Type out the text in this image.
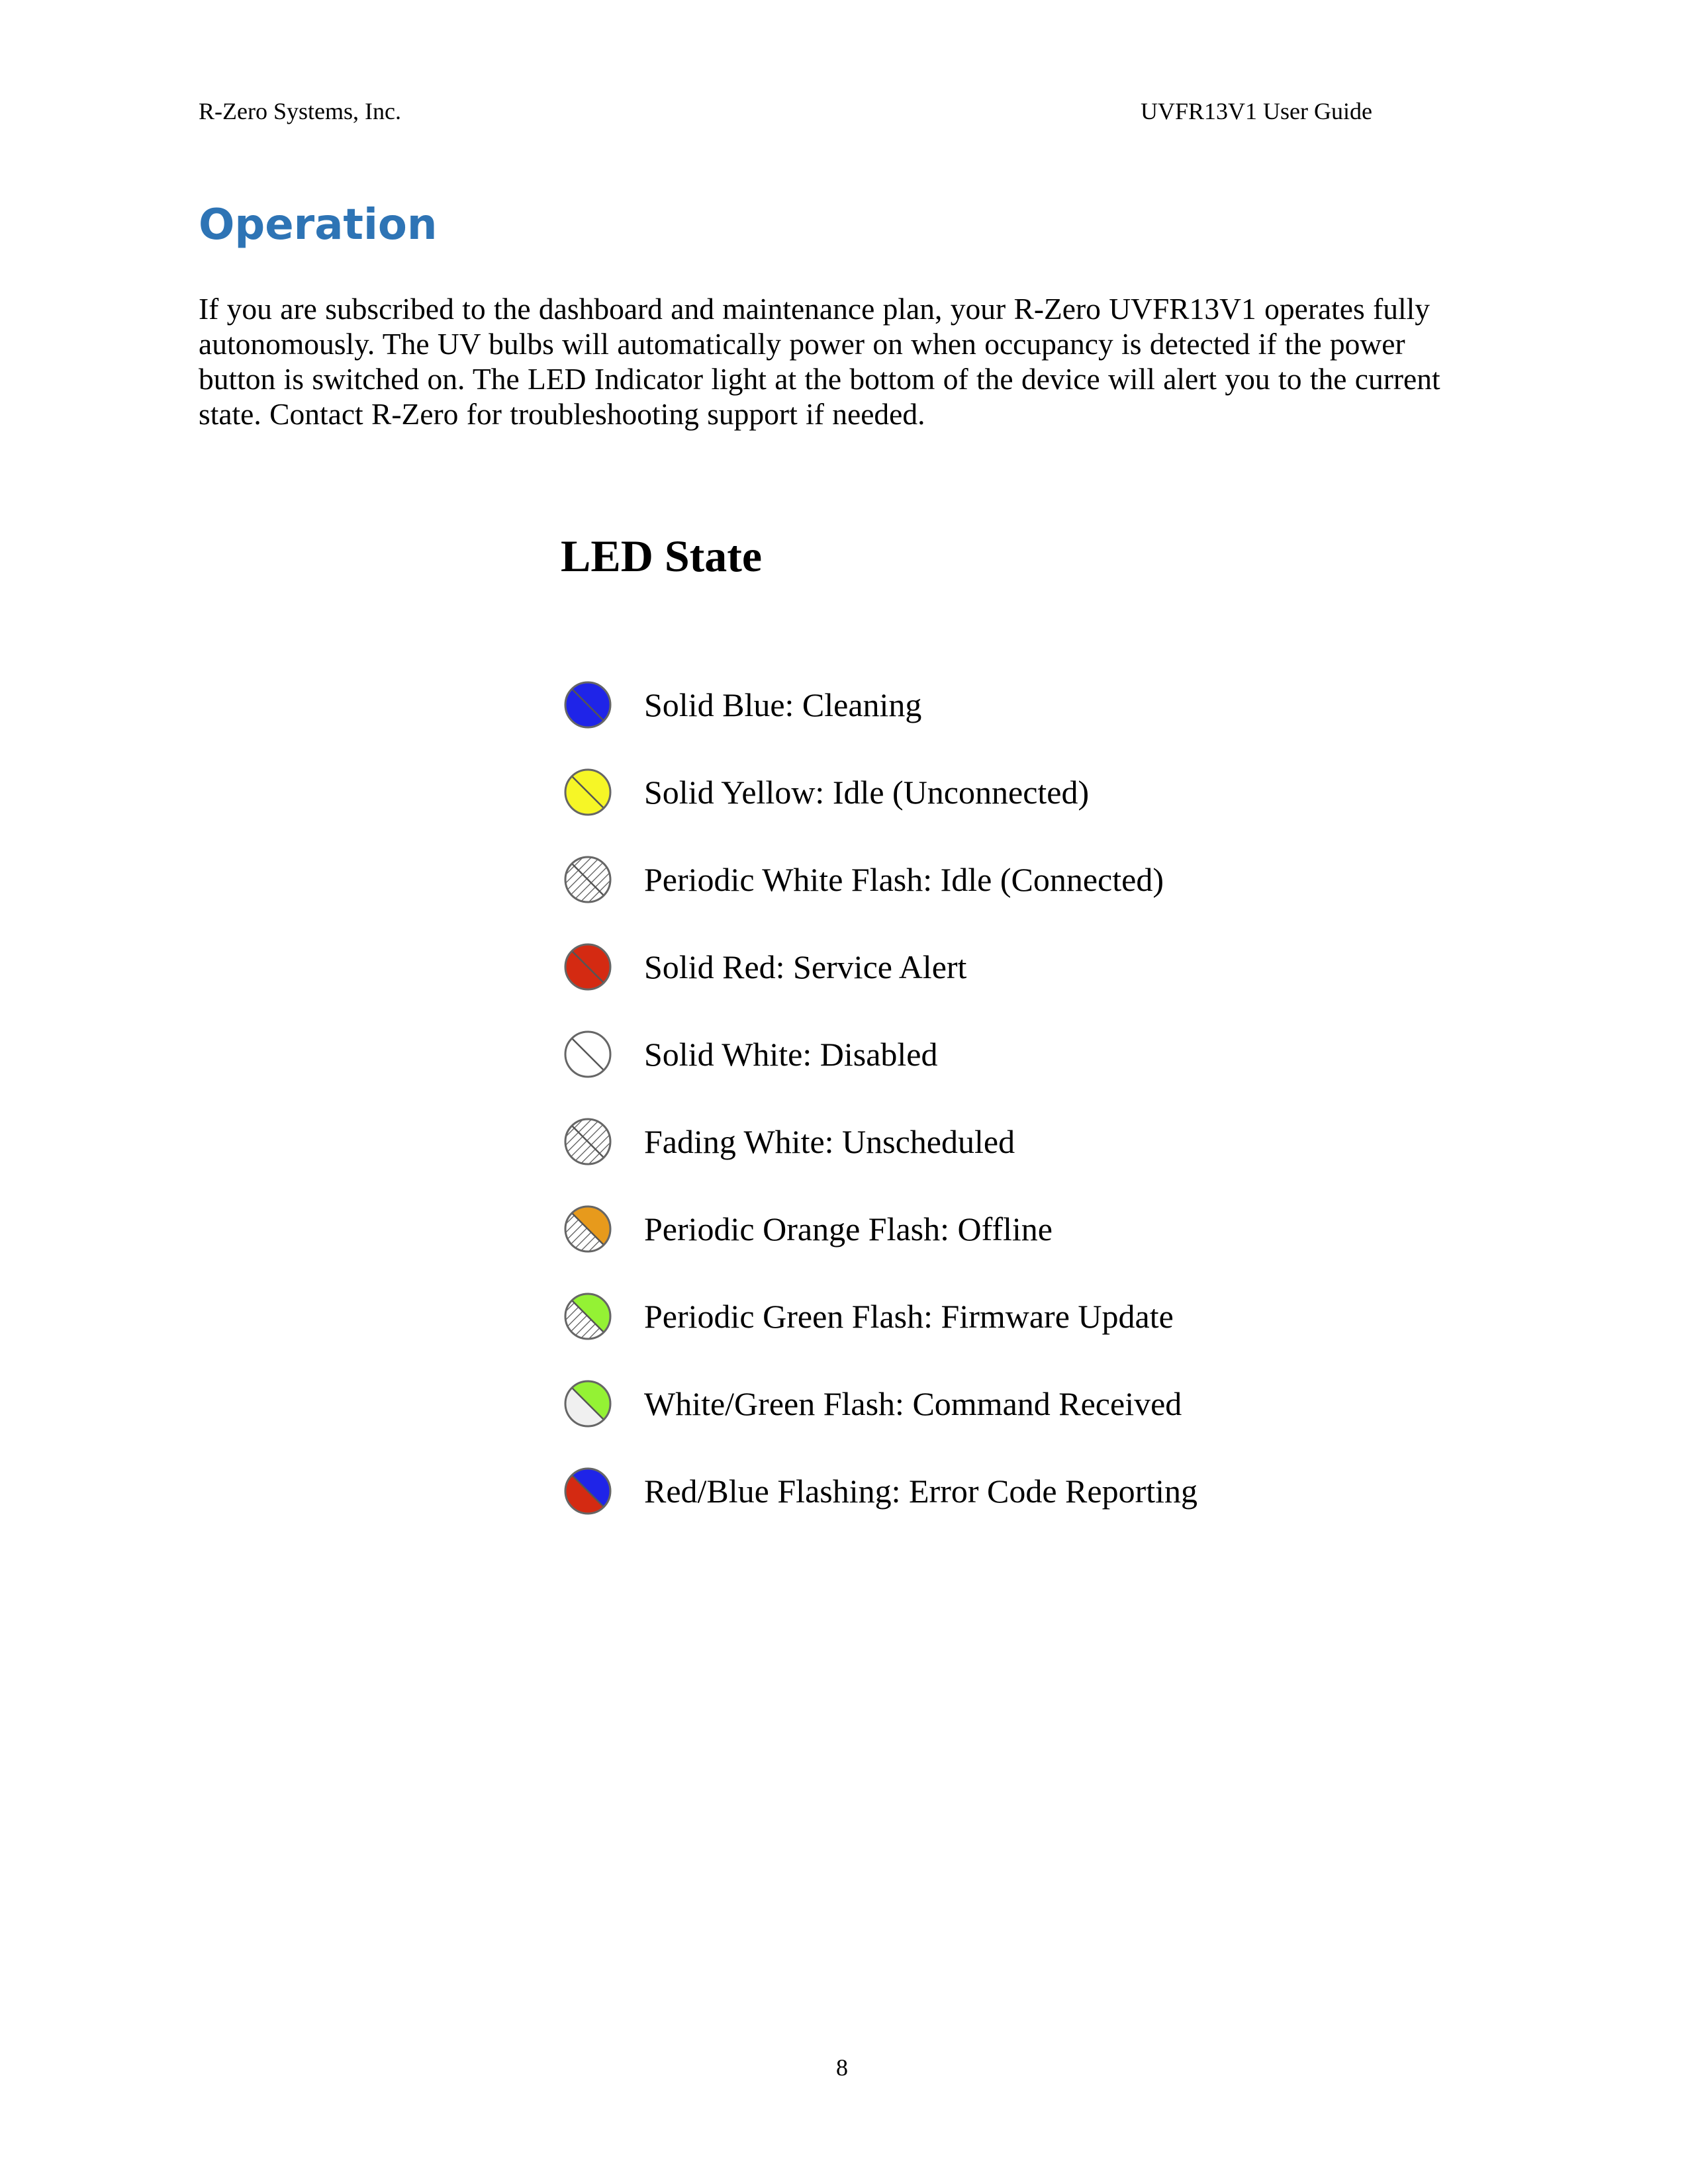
R-Zero Systems, Inc.	UVFR13V1 User Guide
Operation

If you are subscribed to the dashboard and maintenance plan, your R-Zero UVFR13V1 operates fully
autonomously. The UV bulbs will automatically power on when occupancy is detected if the power
button is switched on. The LED Indicator light at the bottom of the device will alert you to the current
state. Contact R-Zero for troubleshooting support if needed.

LED State
Solid Blue: Cleaning
Solid Yellow: Idle (Unconnected)
Periodic White Flash: Idle (Connected)
Solid Red: Service Alert
Solid White: Disabled
Fading White: Unscheduled
Periodic Orange Flash: Offline
Periodic Green Flash: Firmware Update
White/Green Flash: Command Received
Red/Blue Flashing: Error Code Reporting
8
